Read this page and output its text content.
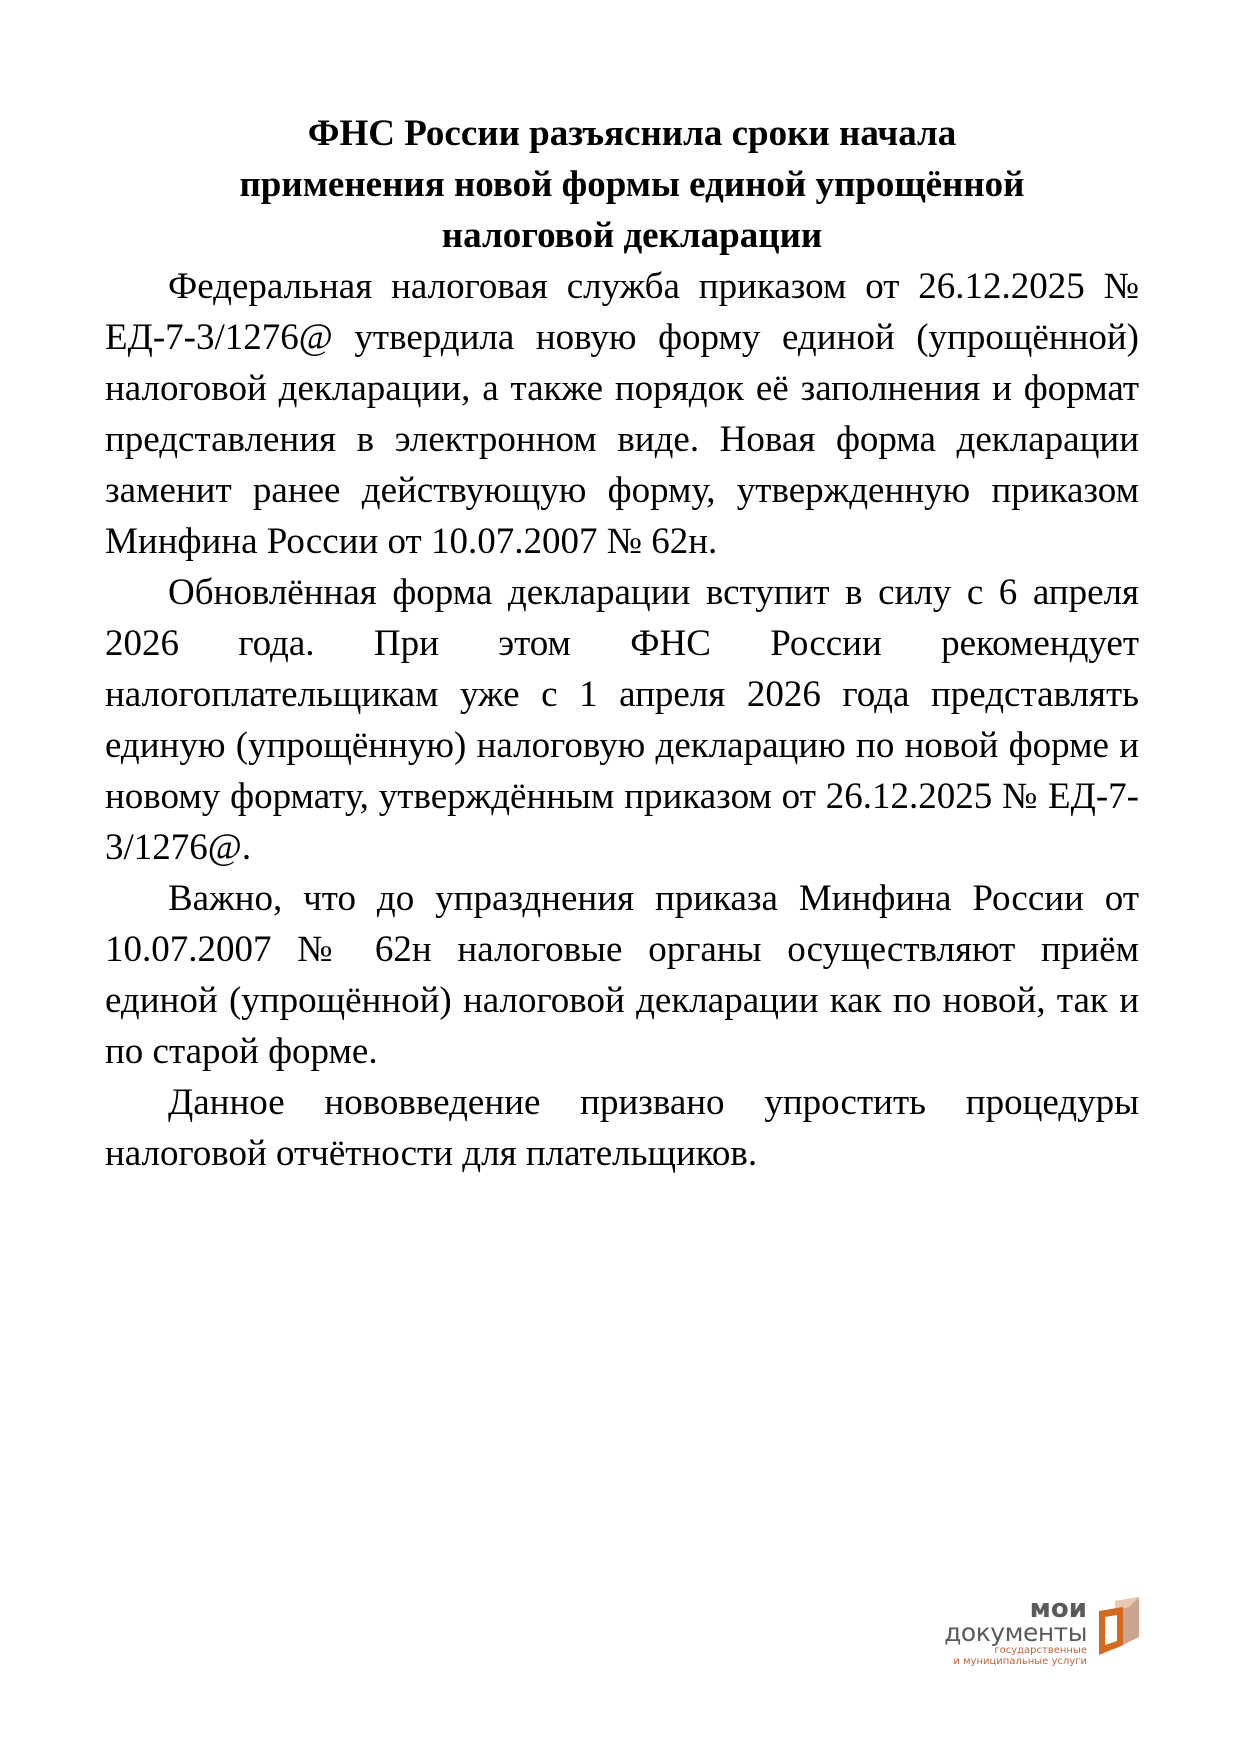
ФНС России разъяснила сроки начала
применения новой формы единой упрощённой
налоговой декларации

Федеральная налоговая служба приказом от 26.12.2025 № ЕД-7-3/1276@ утвердила новую форму единой (упрощённой) налоговой декларации, а также порядок её заполнения и формат представления в электронном виде. Новая форма декларации заменит ранее действующую форму, утвержденную приказом Минфина России от 10.07.2007 № 62н.

Обновлённая форма декларации вступит в силу с 6 апреля 2026 года. При этом ФНС России рекомендует налогоплательщикам уже с 1 апреля 2026 года представлять единую (упрощённую) налоговую декларацию по новой форме и новому формату, утверждённым приказом от 26.12.2025 № ЕД-7-3/1276@.

Важно, что до упразднения приказа Минфина России от 10.07.2007 № 62н налоговые органы осуществляют приём единой (упрощённой) налоговой декларации как по новой, так и по старой форме.

Данное нововведение призвано упростить процедуры налоговой отчётности для плательщиков.

мои
документы
государственные
и муниципальные услуги
